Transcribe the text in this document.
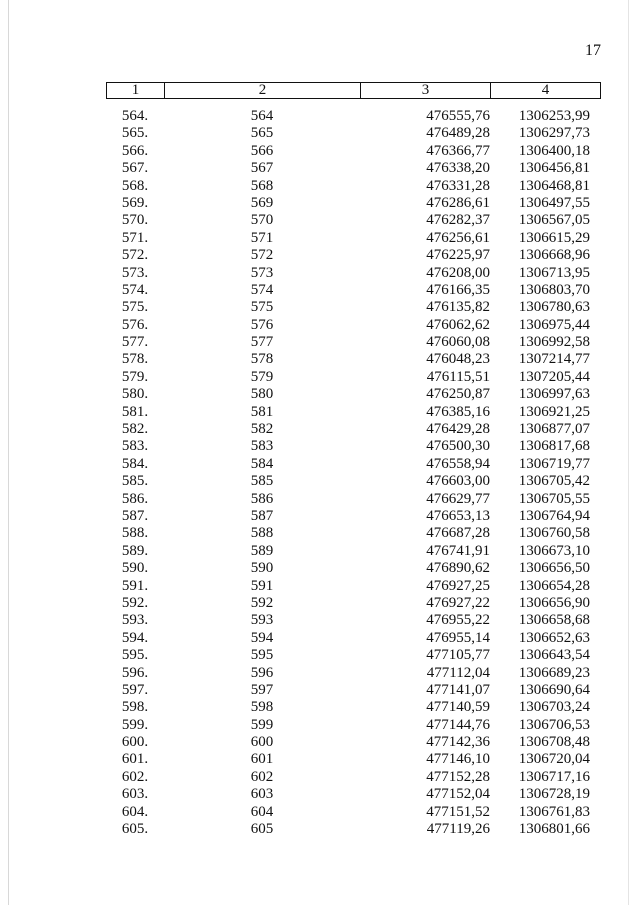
17
1	2	3	4
564.	564	476555,76	1306253,99
565.	565	476489,28	1306297,73
566.	566	476366,77	1306400,18
567.	567	476338,20	1306456,81
568.	568	476331,28	1306468,81
569.	569	476286,61	1306497,55
570.	570	476282,37	1306567,05
571.	571	476256,61	1306615,29
572.	572	476225,97	1306668,96
573.	573	476208,00	1306713,95
574.	574	476166,35	1306803,70
575.	575	476135,82	1306780,63
576.	576	476062,62	1306975,44
577.	577	476060,08	1306992,58
578.	578	476048,23	1307214,77
579.	579	476115,51	1307205,44
580.	580	476250,87	1306997,63
581.	581	476385,16	1306921,25
582.	582	476429,28	1306877,07
583.	583	476500,30	1306817,68
584.	584	476558,94	1306719,77
585.	585	476603,00	1306705,42
586.	586	476629,77	1306705,55
587.	587	476653,13	1306764,94
588.	588	476687,28	1306760,58
589.	589	476741,91	1306673,10
590.	590	476890,62	1306656,50
591.	591	476927,25	1306654,28
592.	592	476927,22	1306656,90
593.	593	476955,22	1306658,68
594.	594	476955,14	1306652,63
595.	595	477105,77	1306643,54
596.	596	477112,04	1306689,23
597.	597	477141,07	1306690,64
598.	598	477140,59	1306703,24
599.	599	477144,76	1306706,53
600.	600	477142,36	1306708,48
601.	601	477146,10	1306720,04
602.	602	477152,28	1306717,16
603.	603	477152,04	1306728,19
604.	604	477151,52	1306761,83
605.	605	477119,26	1306801,66
